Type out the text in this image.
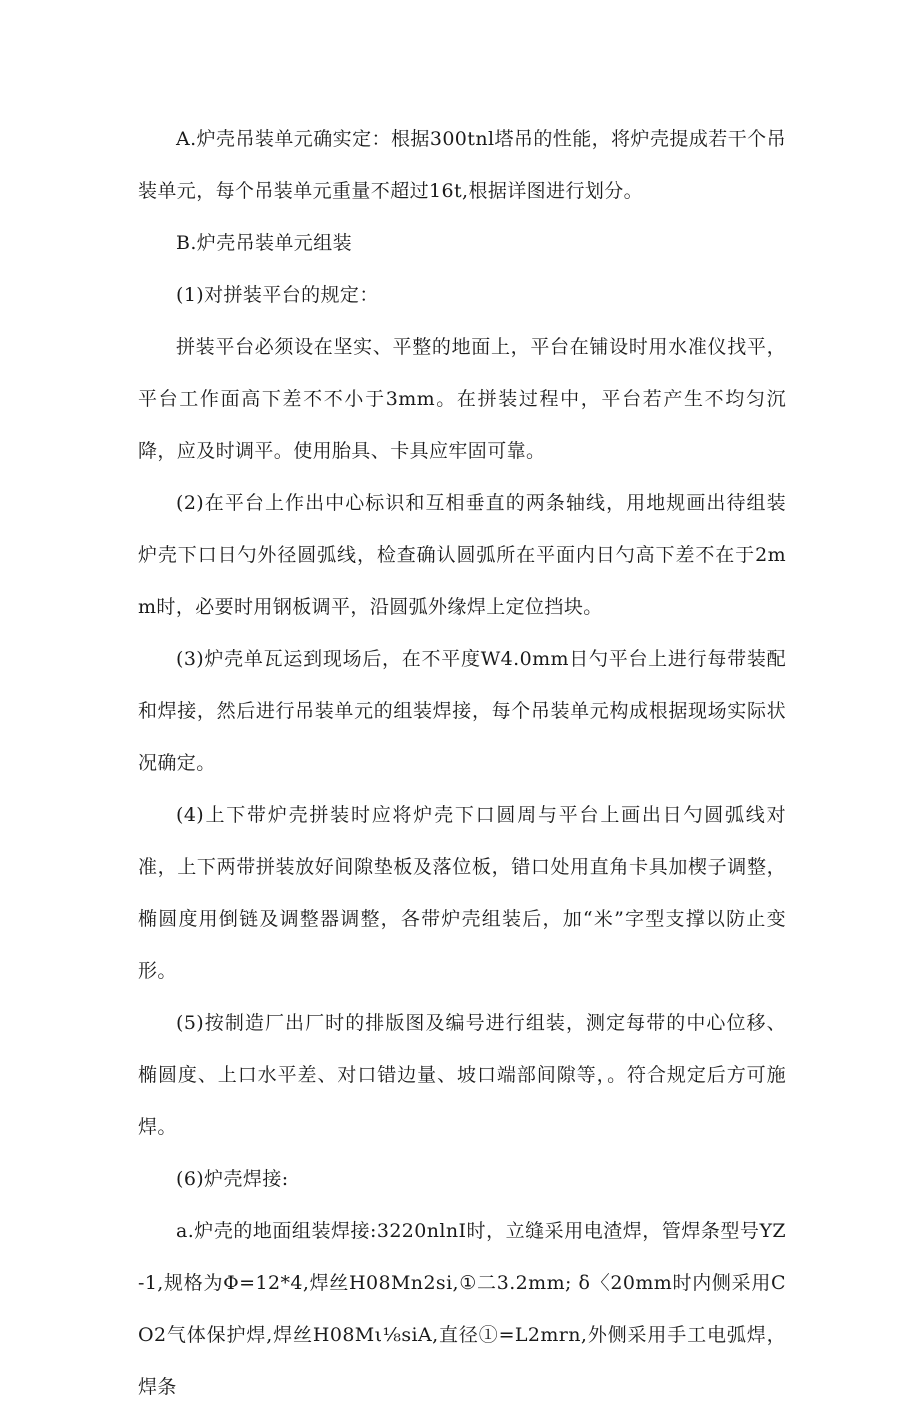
A.炉壳吊装单元确实定：根据300tnl塔吊的性能，将炉壳提成若干个吊装单元，每个吊装单元重量不超过16t,根据详图进行划分。

B.炉壳吊装单元组装

(1)对拼装平台的规定：

拼装平台必须设在坚实、平整的地面上，平台在铺设时用水准仪找平，平台工作面高下差不不小于3mm。在拼装过程中，平台若产生不均匀沉降，应及时调平。使用胎具、卡具应牢固可靠。

(2)在平台上作出中心标识和互相垂直的两条轴线，用地规画出待组装炉壳下口日勺外径圆弧线，检查确认圆弧所在平面内日勺高下差不在于2mm时，必要时用钢板调平，沿圆弧外缘焊上定位挡块。

(3)炉壳单瓦运到现场后，在不平度W4.0mm日勺平台上进行每带装配和焊接，然后进行吊装单元的组装焊接，每个吊装单元构成根据现场实际状况确定。

(4)上下带炉壳拼装时应将炉壳下口圆周与平台上画出日勺圆弧线对准，上下两带拼装放好间隙垫板及落位板，错口处用直角卡具加楔子调整，椭圆度用倒链及调整器调整，各带炉壳组装后，加“米”字型支撑以防止变形。

(5)按制造厂出厂时的排版图及编号进行组装，测定每带的中心位移、椭圆度、上口水平差、对口错边量、坡口端部间隙等，。符合规定后方可施焊。

(6)炉壳焊接:

a.炉壳的地面组装焊接:3220nlnI时，立缝采用电渣焊，管焊条型号YZ-1,规格为Φ=12*4,焊丝H08Mn2si,①二3.2mm; δ〈20mm时内侧采用CO2气体保护焊,焊丝H08Mι⅛siA,直径①=L2mrn,外侧采用手工电弧焊，焊条
